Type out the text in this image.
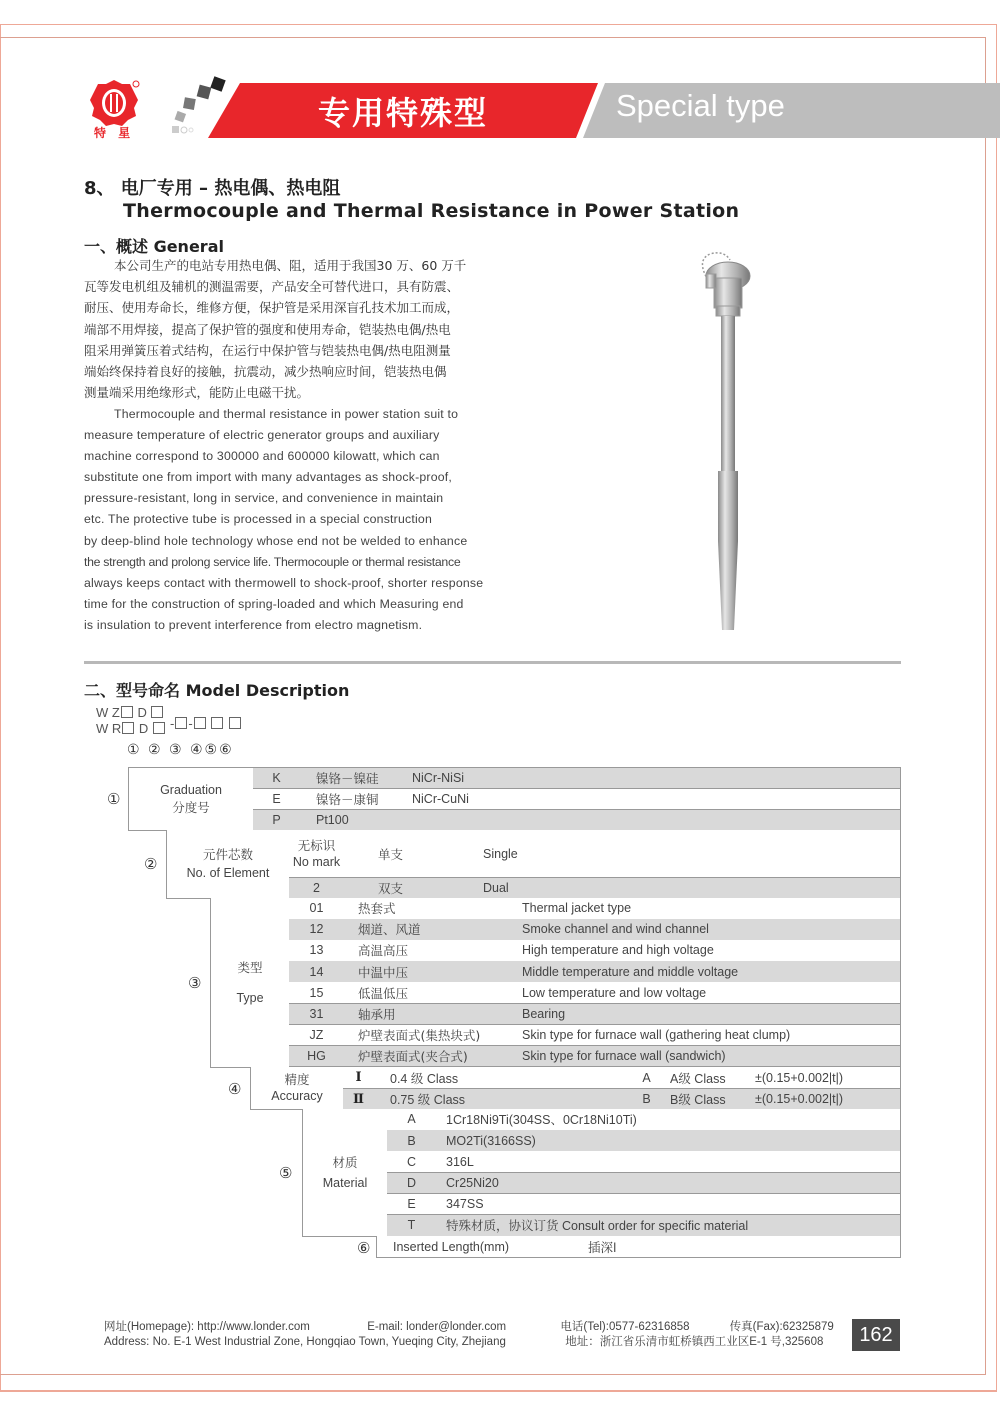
特 星
专用特殊型	Special type
8、 电厂专用 – 热电偶、热电阻
Thermocouple and Thermal Resistance in Power Station
一、概述 General
本公司生产的电站专用热电偶、阻，适用于我国30 万、60 万千
瓦等发电机组及辅机的测温需要，产品安全可替代进口，具有防震、
耐压、使用寿命长，维修方便，保护管是采用深盲孔技术加工而成，
端部不用焊接，提高了保护管的强度和使用寿命，铠装热电偶/热电
阻采用弹簧压着式结构，在运行中保护管与铠装热电偶/热电阻测量
端始终保持着良好的接触，抗震动，减少热响应时间，铠装热电偶
测量端采用绝缘形式，能防止电磁干扰。
Thermocouple and thermal resistance in power station suit to
measure temperature of electric generator groups and auxiliary
machine correspond to 300000 and 600000 kilowatt, which can
substitute one from import with many advantages as shock-proof,
pressure-resistant, long in service, and convenience in maintain
etc. The protective tube is processed in a special construction
by deep-blind hole technology whose end not be welded to enhance
the strength and prolong service life. Thermocouple or thermal resistance
always keeps contact with thermowell to shock-proof, shorter response
time for the construction of spring-loaded and which Measuring end
is insulation to prevent interference from electro magnetism.
二、型号命名 Model Description
W Z D
W R D	- -
① ② ③ ④⑤⑥
①	Graduation
分度号
K	镍铬－镍硅	NiCr-NiSi
E	镍铬－康铜	NiCr-CuNi
P	Pt100
②
元件芯数
No. of Element
无标识
No mark	单支	Single
2	双支	Dual
③
类型
Type
01	热套式	Thermal jacket type
12	烟道、风道	Smoke channel and wind channel
13	高温高压	High temperature and high voltage
14	中温中压	Middle temperature and middle voltage
15	低温低压	Low temperature and low voltage
31	轴承用	Bearing
JZ	炉壁表面式(集热块式)	Skin type for furnace wall (gathering heat clump)
HG	炉壁表面式(夹合式)	Skin type for furnace wall (sandwich)
④
精度
Accuracy
Ⅰ	0.4 级 Class	A	A级 Class	±(0.15+0.002|t|)
Ⅱ	0.75 级 Class	B	B级 Class	±(0.15+0.002|t|)
⑤
材质
Material
A	1Cr18Ni9Ti(304SS、0Cr18Ni10Ti)
B	MO2Ti(3166SS)
C	316L
D	Cr25Ni20
E	347SS
T	特殊材质，协议订货 Consult order for specific material
⑥	Inserted Length(mm)	插深l
网址(Homepage): http://www.londer.com	E-mail: londer@londer.com	电话(Tel):0577-62316858	传真(Fax):62325879
Address: No. E-1 West Industrial Zone, Hongqiao Town, Yueqing City, Zhejiang	地址：浙江省乐清市虹桥镇西工业区E-1 号,325608	162
